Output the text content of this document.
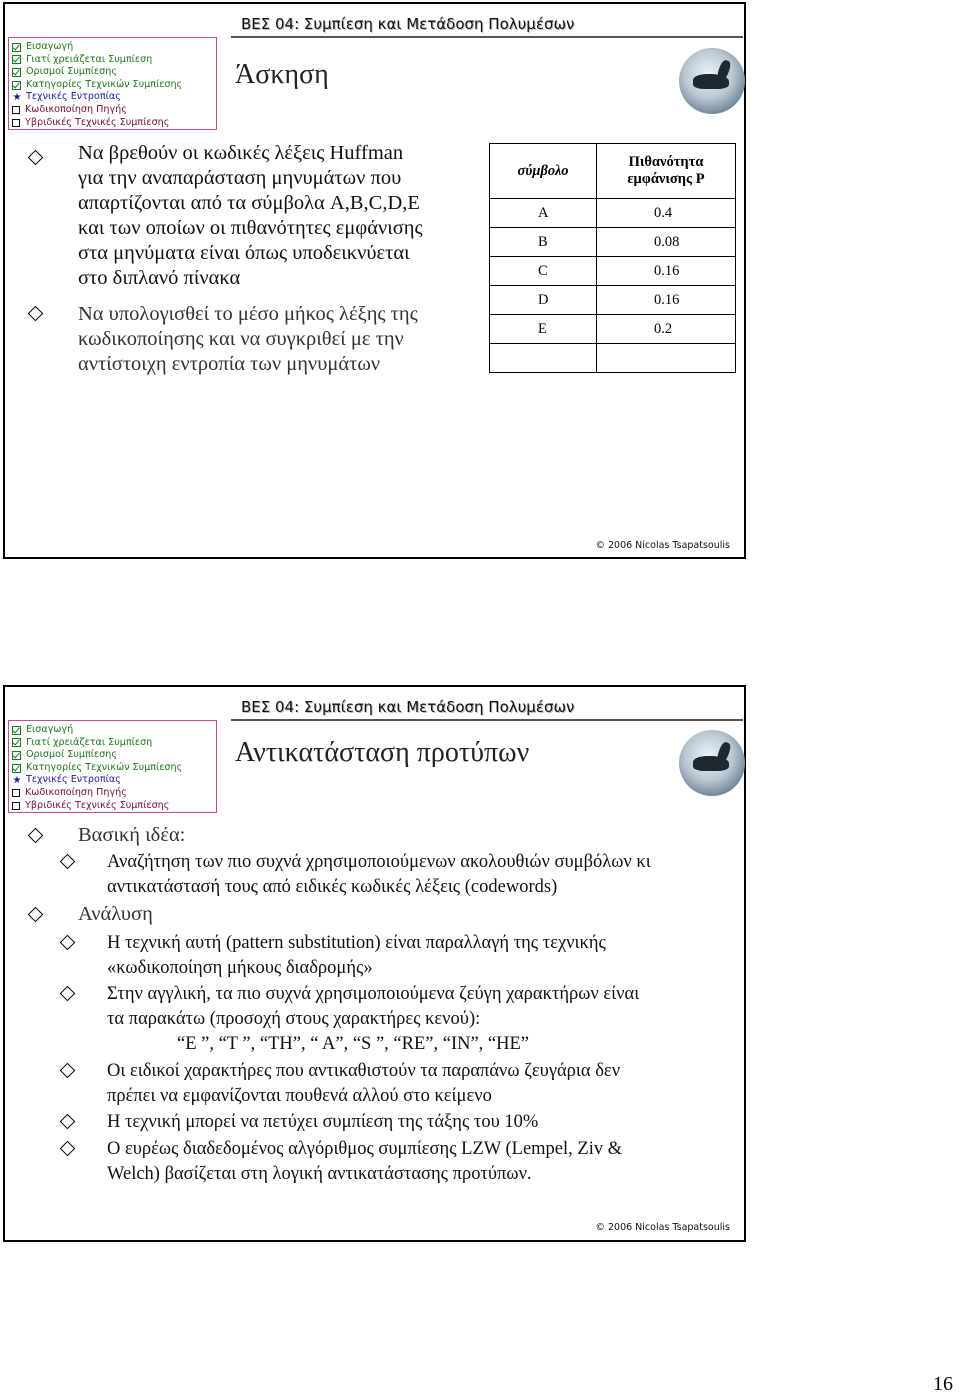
ΒΕΣ 04: Συμπίεση και Μετάδοση Πολυμέσων
Εισαγωγή
Γιατί χρειάζεται Συμπίεση
Ορισμοί Συμπίεσης
Κατηγορίες Τεχνικών Συμπίεσης
★ Τεχνικές Εντροπίας
Κωδικοποίηση Πηγής
Υβριδικές Τεχνικές Συμπίεσης
Άσκηση
Να βρεθούν οι κωδικές λέξεις Huffman
για την αναπαράσταση μηνυμάτων που
απαρτίζονται από τα σύμβολα A,B,C,D,E
και των οποίων οι πιθανότητες εμφάνισης
στα μηνύματα είναι όπως υποδεικνύεται
στο διπλανό πίνακα
Να υπολογισθεί το μέσο μήκος λέξης της
κωδικοποίησης και να συγκριθεί με την
αντίστοιχη εντροπία των μηνυμάτων
σύμβολο	Πιθανότητα
εμφάνισης P
A	0.4
B	0.08
C	0.16
D	0.16
E	0.2

© 2006 Nicolas Tsapatsoulis
ΒΕΣ 04: Συμπίεση και Μετάδοση Πολυμέσων
Εισαγωγή
Γιατί χρειάζεται Συμπίεση
Ορισμοί Συμπίεσης
Κατηγορίες Τεχνικών Συμπίεσης
★ Τεχνικές Εντροπίας
Κωδικοποίηση Πηγής
Υβριδικές Τεχνικές Συμπίεσης
Αντικατάσταση προτύπων
Βασική ιδέα:
Αναζήτηση των πιο συχνά χρησιμοποιούμενων ακολουθιών συμβόλων κι
αντικατάστασή τους από ειδικές κωδικές λέξεις (codewords)
Ανάλυση
Η τεχνική αυτή (pattern substitution) είναι παραλλαγή της τεχνικής
«κωδικοποίηση μήκους διαδρομής»
Στην αγγλική, τα πιο συχνά χρησιμοποιούμενα ζεύγη χαρακτήρων είναι
τα παρακάτω (προσοχή στους χαρακτήρες κενού):
“E ”, “T ”, “TH”, “ A”, “S ”, “RE”, “IN”, “HE”
Οι ειδικοί χαρακτήρες που αντικαθιστούν τα παραπάνω ζευγάρια δεν
πρέπει να εμφανίζονται πουθενά αλλού στο κείμενο
Η τεχνική μπορεί να πετύχει συμπίεση της τάξης του 10%
Ο ευρέως διαδεδομένος αλγόριθμος συμπίεσης LZW (Lempel, Ziv &
Welch) βασίζεται στη λογική αντικατάστασης προτύπων.
© 2006 Nicolas Tsapatsoulis
16
